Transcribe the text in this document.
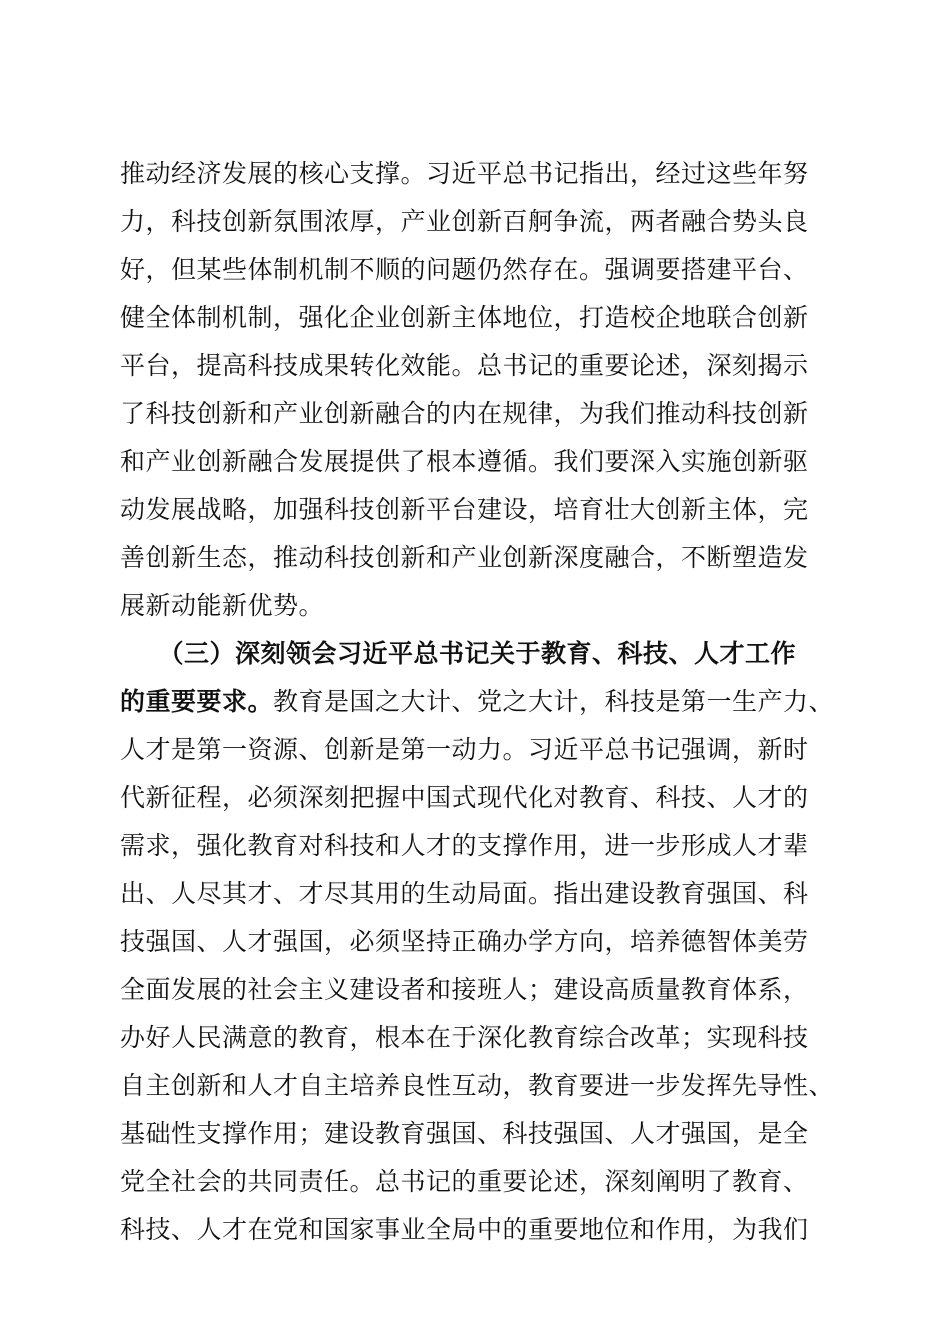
推动经济发展的核心支撑。习近平总书记指出，经过这些年努
力，科技创新氛围浓厚，产业创新百舸争流，两者融合势头良
好，但某些体制机制不顺的问题仍然存在。强调要搭建平台、
健全体制机制，强化企业创新主体地位，打造校企地联合创新
平台，提高科技成果转化效能。总书记的重要论述，深刻揭示
了科技创新和产业创新融合的内在规律，为我们推动科技创新
和产业创新融合发展提供了根本遵循。我们要深入实施创新驱
动发展战略，加强科技创新平台建设，培育壮大创新主体，完
善创新生态，推动科技创新和产业创新深度融合，不断塑造发
展新动能新优势。
　　（三）深刻领会习近平总书记关于教育、科技、人才工作
的重要要求。教育是国之大计、党之大计，科技是第一生产力、
人才是第一资源、创新是第一动力。习近平总书记强调，新时
代新征程，必须深刻把握中国式现代化对教育、科技、人才的
需求，强化教育对科技和人才的支撑作用，进一步形成人才辈
出、人尽其才、才尽其用的生动局面。指出建设教育强国、科
技强国、人才强国，必须坚持正确办学方向，培养德智体美劳
全面发展的社会主义建设者和接班人；建设高质量教育体系，
办好人民满意的教育，根本在于深化教育综合改革；实现科技
自主创新和人才自主培养良性互动，教育要进一步发挥先导性、
基础性支撑作用；建设教育强国、科技强国、人才强国，是全
党全社会的共同责任。总书记的重要论述，深刻阐明了教育、
科技、人才在党和国家事业全局中的重要地位和作用，为我们
